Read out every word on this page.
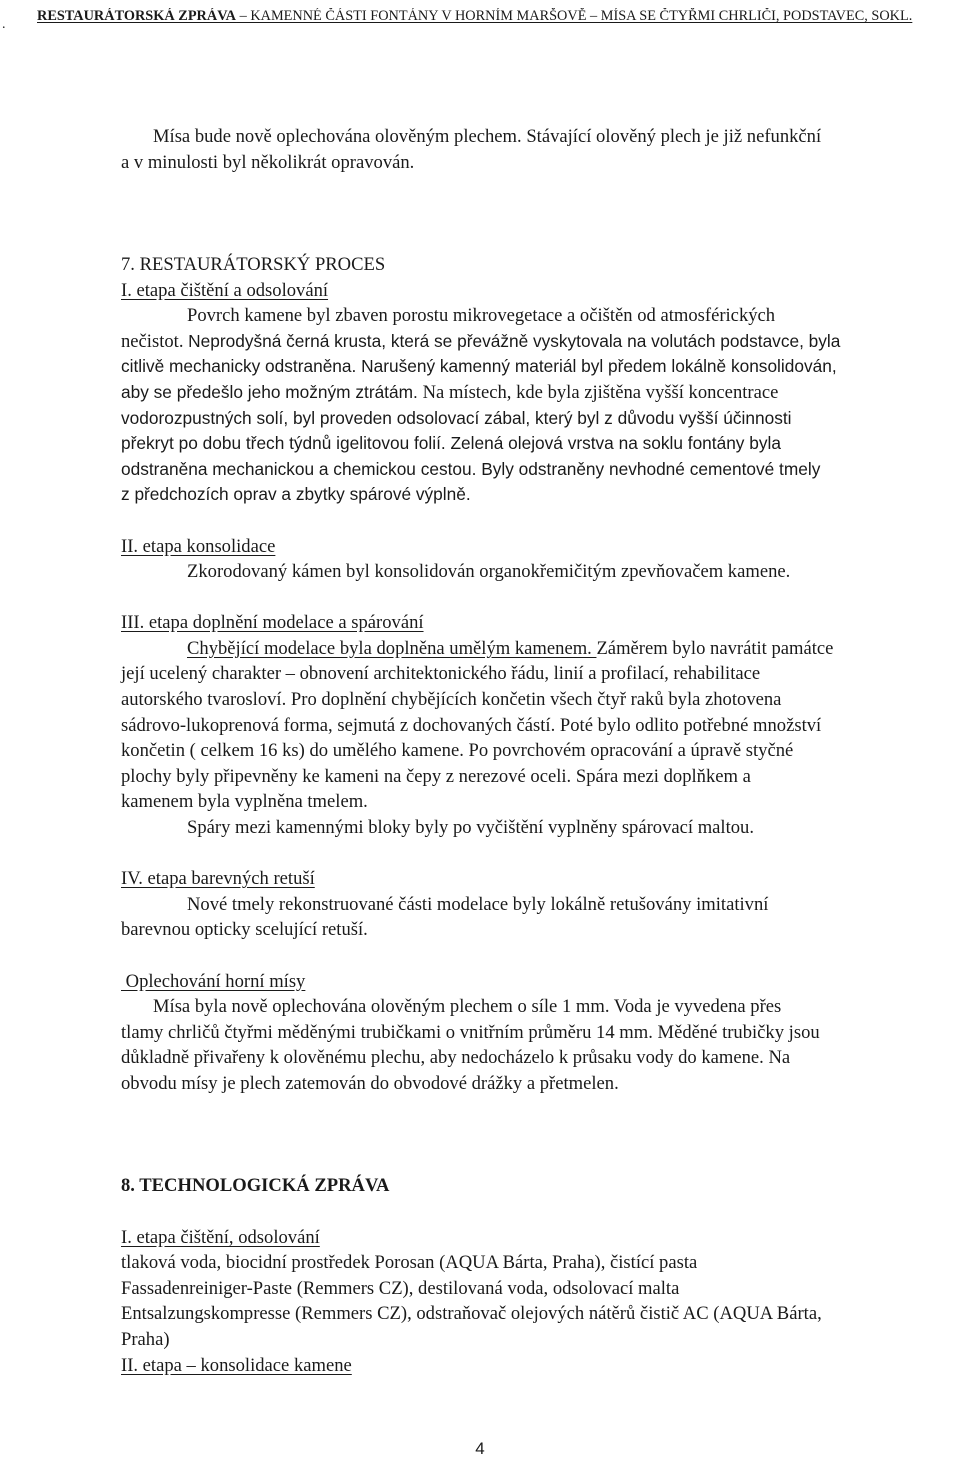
.
RESTAURÁTORSKÁ ZPRÁVA – KAMENNÉ ČÁSTI FONTÁNY V HORNÍM MARŠOVĚ – MÍSA SE ČTYŘMI CHRLIČI, PODSTAVEC, SOKL.
Mísa bude nově oplechována olověným plechem. Stávající olověný plech je již nefunkční
a v minulosti byl několikrát opravován.
7. RESTAURÁTORSKÝ PROCES
I. etapa čištění a odsolování
Povrch kamene byl zbaven porostu mikrovegetace a očištěn od atmosférických
nečistot. Neprodyšná černá krusta, která se převážně vyskytovala na volutách podstavce, byla
citlivě mechanicky odstraněna. Narušený kamenný materiál byl předem lokálně konsolidován,
aby se předešlo jeho možným ztrátám. Na místech, kde byla zjištěna vyšší koncentrace
vodorozpustných solí, byl proveden odsolovací zábal, který byl z důvodu vyšší účinnosti
překryt po dobu třech týdnů igelitovou folií. Zelená olejová vrstva na soklu fontány byla
odstraněna mechanickou a chemickou cestou. Byly odstraněny nevhodné cementové tmely
z předchozích oprav a zbytky spárové výplně.
II. etapa konsolidace
Zkorodovaný kámen byl konsolidován organokřemičitým zpevňovačem kamene.
III. etapa doplnění modelace a spárování
Chybějící modelace byla doplněna umělým kamenem. Záměrem bylo navrátit památce
její ucelený charakter – obnovení architektonického řádu, linií a profilací, rehabilitace
autorského tvarosloví. Pro doplnění chybějících končetin všech čtyř raků byla zhotovena
sádrovo-lukoprenová forma, sejmutá z dochovaných částí. Poté bylo odlito potřebné množství
končetin ( celkem 16 ks) do umělého kamene. Po povrchovém opracování a úpravě styčné
plochy byly připevněny ke kameni na čepy z nerezové oceli. Spára mezi doplňkem a
kamenem byla vyplněna tmelem.
Spáry mezi kamennými bloky byly po vyčištění vyplněny spárovací maltou.
IV. etapa barevných retuší
Nové tmely rekonstruované části modelace byly lokálně retušovány imitativní
barevnou opticky scelující retuší.
Oplechování horní mísy
Mísa byla nově oplechována olověným plechem o síle 1 mm. Voda je vyvedena přes
tlamy chrličů čtyřmi měděnými trubičkami o vnitřním průměru 14 mm. Měděné trubičky jsou
důkladně přivařeny k olověnému plechu, aby nedocházelo k průsaku vody do kamene. Na
obvodu mísy je plech zatemován do obvodové drážky a přetmelen.
8. TECHNOLOGICKÁ ZPRÁVA
I. etapa čištění, odsolování
tlaková voda, biocidní prostředek Porosan (AQUA Bárta, Praha), čistící pasta
Fassadenreiniger-Paste (Remmers CZ), destilovaná voda, odsolovací malta
Entsalzungskompresse (Remmers CZ), odstraňovač olejových nátěrů čistič AC (AQUA Bárta,
Praha)
II. etapa – konsolidace kamene
4
